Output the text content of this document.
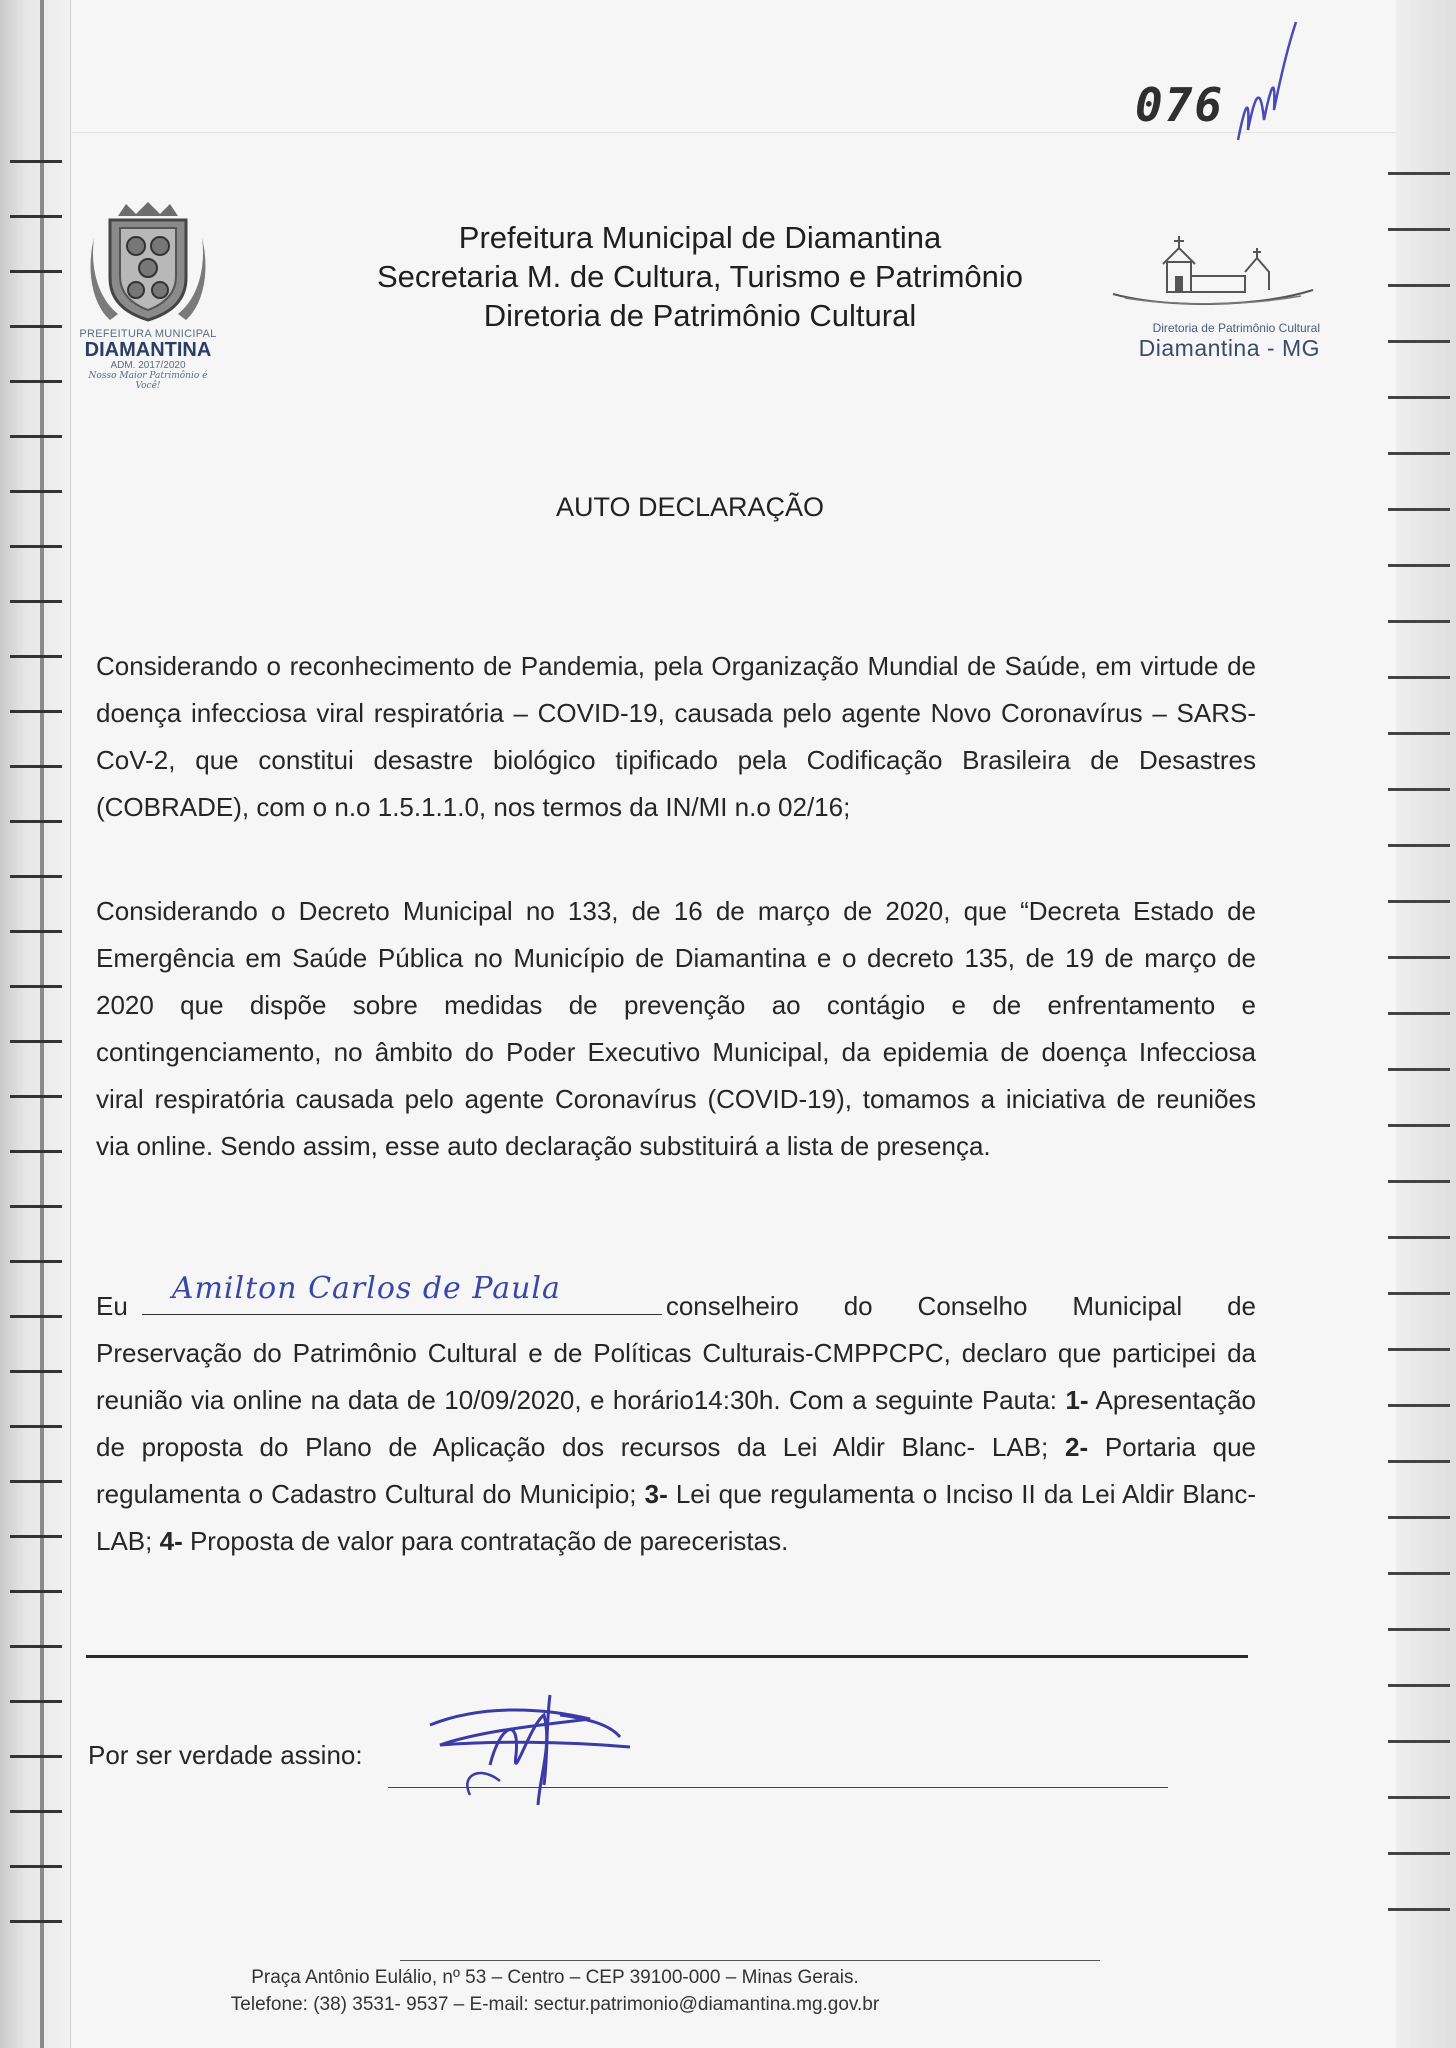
076
PREFEITURA MUNICIPAL
DIAMANTINA
ADM. 2017/2020
Nosso Maior Patrimônio é Você!
Prefeitura Municipal de Diamantina
Secretaria M. de Cultura, Turismo e Patrimônio
Diretoria de Patrimônio Cultural	Diretoria de Patrimônio Cultural
Diamantina - MG
AUTO DECLARAÇÃO
Considerando o reconhecimento de Pandemia, pela Organização Mundial de Saúde, em virtude de doença infecciosa viral respiratória – COVID-19, causada pelo agente Novo Coronavírus – SARS- CoV-2, que constitui desastre biológico tipificado pela Codificação Brasileira de Desastres (COBRADE), com o n.o 1.5.1.1.0, nos termos da IN/MI n.o 02/16;
Considerando o Decreto Municipal no 133, de 16 de março de 2020, que “Decreta Estado de Emergência em Saúde Pública no Município de Diamantina e o decreto 135, de 19 de março de 2020 que dispõe sobre medidas de prevenção ao contágio e de enfrentamento e contingenciamento, no âmbito do Poder Executivo Municipal, da epidemia de doença Infecciosa viral respiratória causada pelo agente Coronavírus (COVID-19), tomamos a iniciativa de reuniões via online. Sendo assim, esse auto declaração substituirá a lista de presença.
Eu Amilton Carlos de Paula	conselheiro do Conselho Municipal de Preservação do Patrimônio Cultural e de Políticas Culturais-CMPPCPC, declaro que participei da reunião via online na data de 10/09/2020, e horário14:30h. Com a seguinte Pauta: 1- Apresentação de proposta do Plano de Aplicação dos recursos da Lei Aldir Blanc- LAB; 2- Portaria que regulamenta o Cadastro Cultural do Municipio; 3- Lei que regulamenta o Inciso II da Lei Aldir Blanc- LAB; 4- Proposta de valor para contratação de pareceristas.
Por ser verdade assino:
Praça Antônio Eulálio, nº 53 – Centro – CEP 39100-000 – Minas Gerais.
Telefone: (38) 3531- 9537 – E-mail: sectur.patrimonio@diamantina.mg.gov.br
